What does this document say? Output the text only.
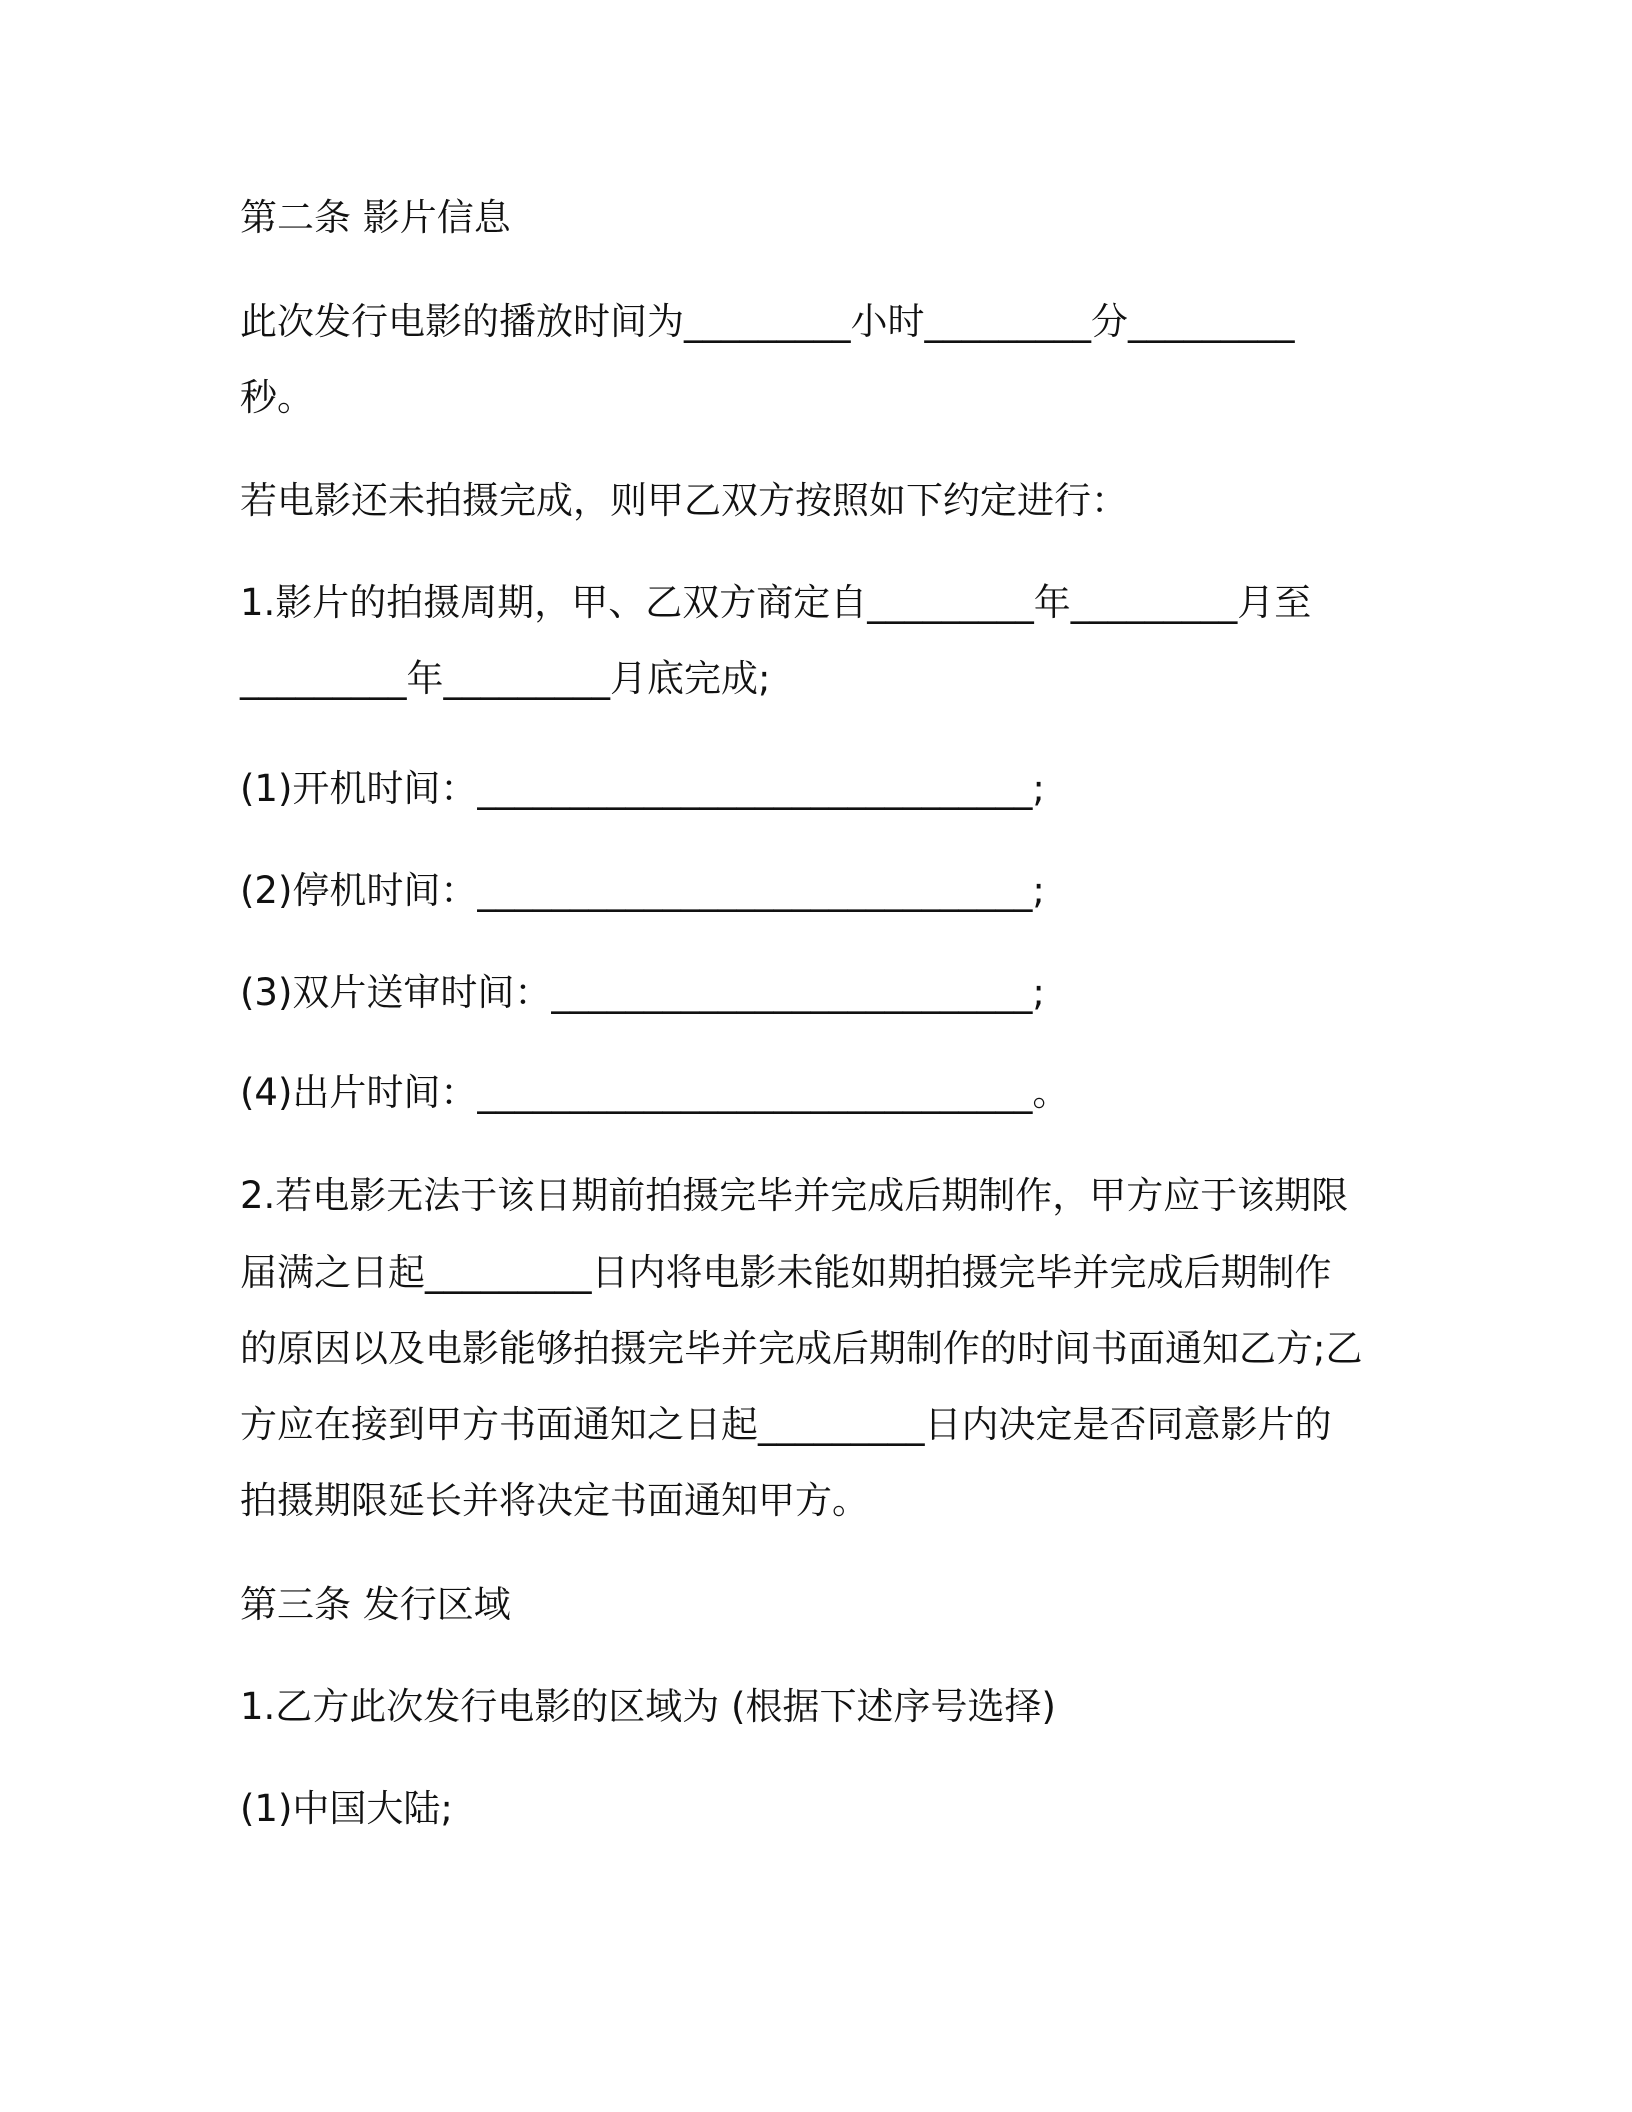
第二条 影片信息
此次发行电影的播放时间为_________小时_________分_________
秒。
若电影还未拍摄完成，则甲乙双方按照如下约定进行：
1.影片的拍摄周期，甲、乙双方商定自_________年_________月至
_________年_________月底完成;
(1)开机时间：______________________________;
(2)停机时间：______________________________;
(3)双片送审时间：__________________________;
(4)出片时间：______________________________。
2.若电影无法于该日期前拍摄完毕并完成后期制作，甲方应于该期限
届满之日起_________日内将电影未能如期拍摄完毕并完成后期制作
的原因以及电影能够拍摄完毕并完成后期制作的时间书面通知乙方;乙
方应在接到甲方书面通知之日起_________日内决定是否同意影片的
拍摄期限延长并将决定书面通知甲方。
第三条 发行区域
1.乙方此次发行电影的区域为 (根据下述序号选择)
(1)中国大陆;
